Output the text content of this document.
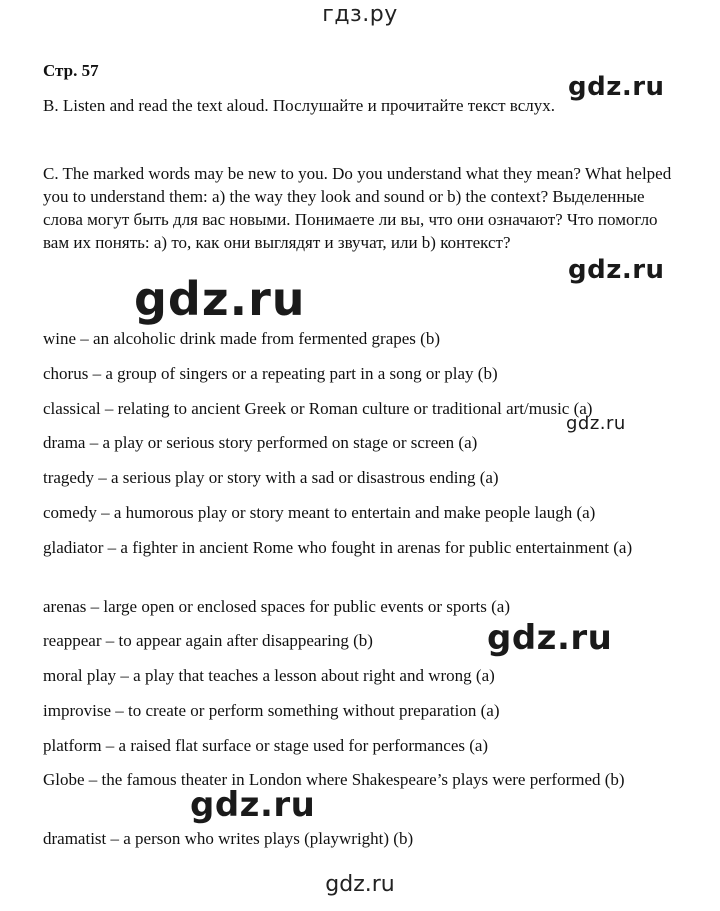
гдз.ру
Стр. 57
B. Listen and read the text aloud. Послушайте и прочитайте текст вслух.
C. The marked words may be new to you. Do you understand what they mean? What helped you to understand them: a) the way they look and sound or b) the context? Выделенные слова могут быть для вас новыми. Понимаете ли вы, что они означают? Что помогло вам их понять: a) то, как они выглядят и звучат, или b) контекст?
wine – an alcoholic drink made from fermented grapes (b)
chorus – a group of singers or a repeating part in a song or play (b)
classical – relating to ancient Greek or Roman culture or traditional art/music (a)
drama – a play or serious story performed on stage or screen (a)
tragedy – a serious play or story with a sad or disastrous ending (a)
comedy – a humorous play or story meant to entertain and make people laugh (a)
gladiator – a fighter in ancient Rome who fought in arenas for public entertainment (a)
arenas – large open or enclosed spaces for public events or sports (a)
reappear – to appear again after disappearing (b)
moral play – a play that teaches a lesson about right and wrong (a)
improvise – to create or perform something without preparation (a)
platform – a raised flat surface or stage used for performances (a)
Globe – the famous theater in London where Shakespeare’s plays were performed (b)
dramatist – a person who writes plays (playwright) (b)
gdz.ru
gdz.ru
gdz.ru
gdz.ru
gdz.ru
gdz.ru
gdz.ru
